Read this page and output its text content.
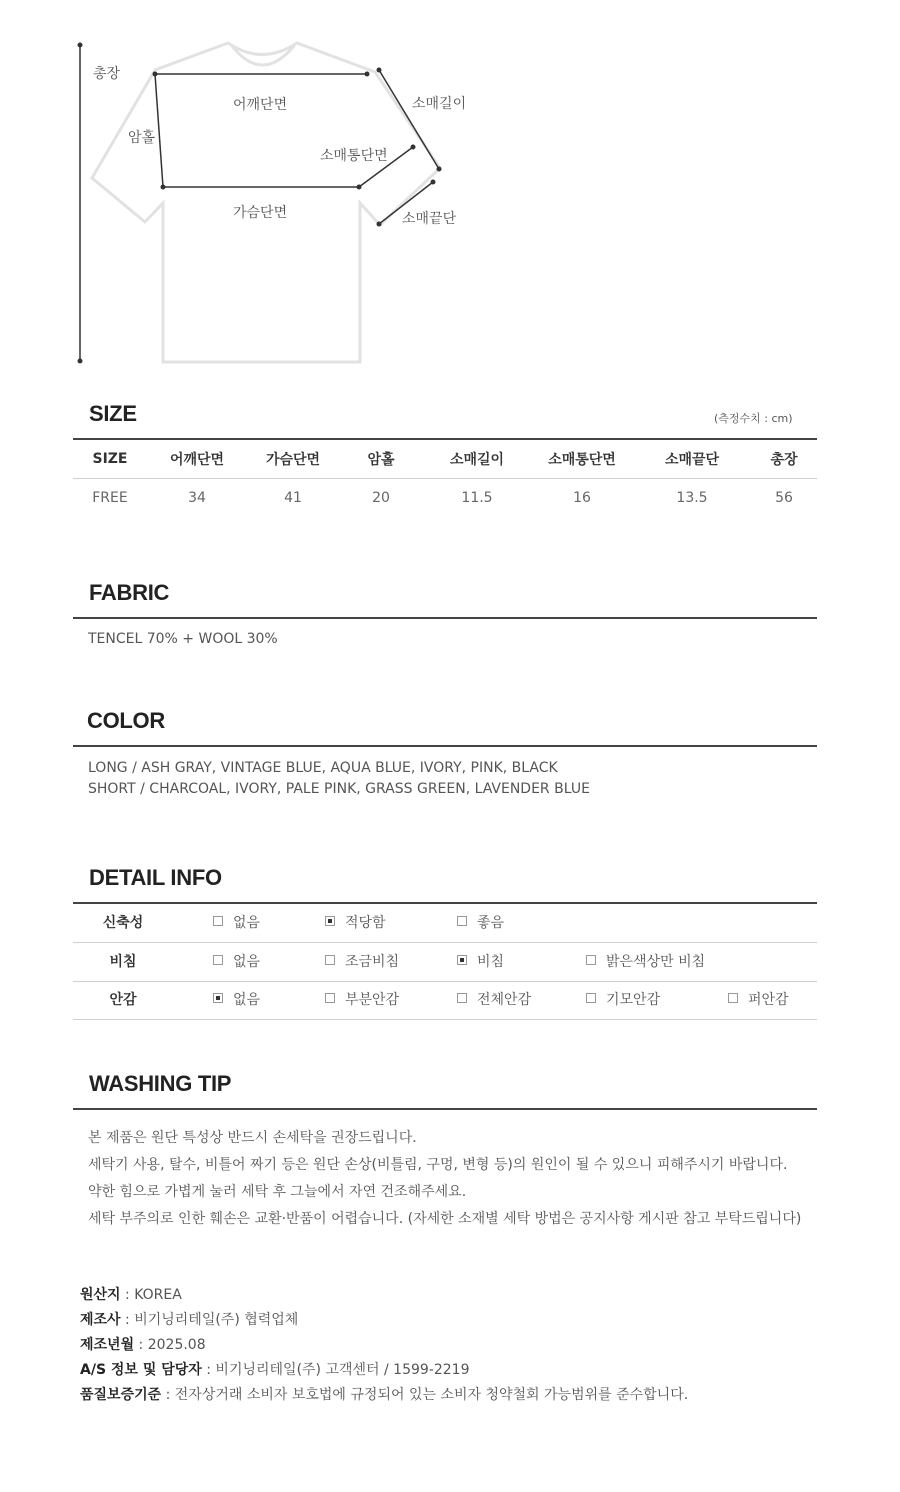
총장
암홀
어깨단면	소매길이
소매통단면
가슴단면	소매끝단
SIZE	(측정수치 : cm)
SIZE	어깨단면	가슴단면	암홀	소매길이	소매통단면	소매끝단	총장
FREE	34	41	20	11.5	16	13.5	56
FABRIC
TENCEL 70% + WOOL 30%
COLOR
LONG / ASH GRAY, VINTAGE BLUE, AQUA BLUE, IVORY, PINK, BLACK
SHORT / CHARCOAL, IVORY, PALE PINK, GRASS GREEN, LAVENDER BLUE
DETAIL INFO
신축성	없음	적당함	좋음
비침	없음	조금비침	비침	밝은색상만 비침
안감	없음	부분안감	전체안감	기모안감	퍼안감
WASHING TIP
본 제품은 원단 특성상 반드시 손세탁을 권장드립니다.
세탁기 사용, 탈수, 비틀어 짜기 등은 원단 손상(비틀림, 구멍, 변형 등)의 원인이 될 수 있으니 피해주시기 바랍니다.
약한 힘으로 가볍게 눌러 세탁 후 그늘에서 자연 건조해주세요.
세탁 부주의로 인한 훼손은 교환·반품이 어렵습니다. (자세한 소재별 세탁 방법은 공지사항 게시판 참고 부탁드립니다)
원산지 : KOREA
제조사 : 비기닝리테일(주) 협력업체
제조년월 : 2025.08
A/S 정보 및 담당자 : 비기닝리테일(주) 고객센터 / 1599-2219
품질보증기준 : 전자상거래 소비자 보호법에 규정되어 있는 소비자 청약철회 가능범위를 준수합니다.
